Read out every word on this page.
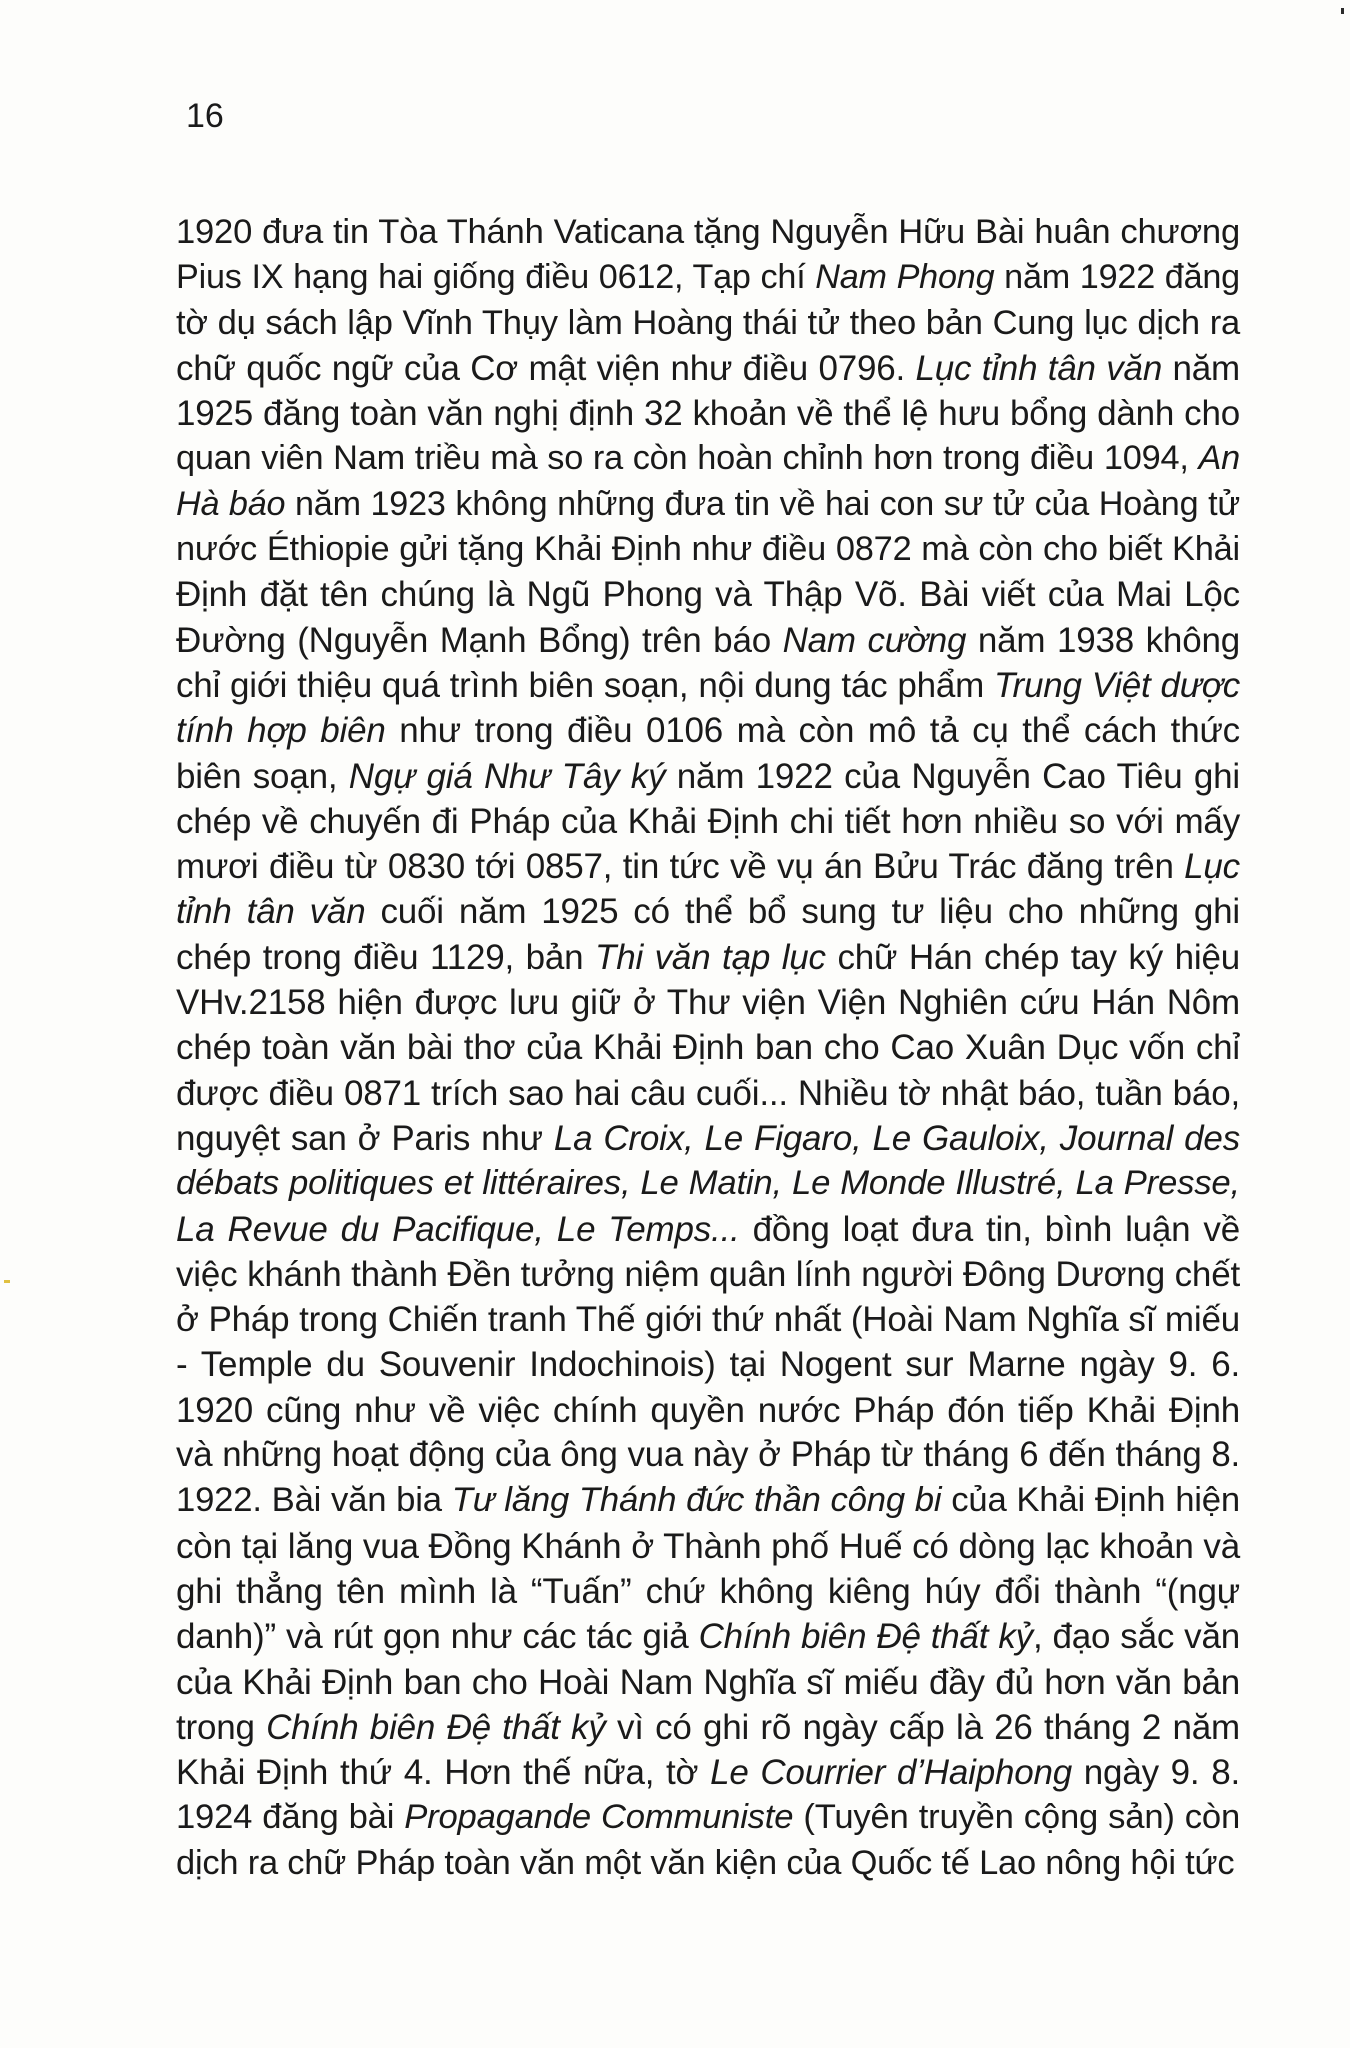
16
1920 đưa tin Tòa Thánh Vaticana tặng Nguyễn Hữu Bài huân chương
Pius IX hạng hai giống điều 0612, Tạp chí Nam Phong năm 1922 đăng
tờ dụ sách lập Vĩnh Thụy làm Hoàng thái tử theo bản Cung lục dịch ra
chữ quốc ngữ của Cơ mật viện như điều 0796. Lục tỉnh tân văn năm
1925 đăng toàn văn nghị định 32 khoản về thể lệ hưu bổng dành cho
quan viên Nam triều mà so ra còn hoàn chỉnh hơn trong điều 1094, An
Hà báo năm 1923 không những đưa tin về hai con sư tử của Hoàng tử
nước Éthiopie gửi tặng Khải Định như điều 0872 mà còn cho biết Khải
Định đặt tên chúng là Ngũ Phong và Thập Võ. Bài viết của Mai Lộc
Đường (Nguyễn Mạnh Bổng) trên báo Nam cường năm 1938 không
chỉ giới thiệu quá trình biên soạn, nội dung tác phẩm Trung Việt dược
tính hợp biên như trong điều 0106 mà còn mô tả cụ thể cách thức
biên soạn, Ngự giá Như Tây ký năm 1922 của Nguyễn Cao Tiêu ghi
chép về chuyến đi Pháp của Khải Định chi tiết hơn nhiều so với mấy
mươi điều từ 0830 tới 0857, tin tức về vụ án Bửu Trác đăng trên Lục
tỉnh tân văn cuối năm 1925 có thể bổ sung tư liệu cho những ghi
chép trong điều 1129, bản Thi văn tạp lục chữ Hán chép tay ký hiệu
VHv.2158 hiện được lưu giữ ở Thư viện Viện Nghiên cứu Hán Nôm
chép toàn văn bài thơ của Khải Định ban cho Cao Xuân Dục vốn chỉ
được điều 0871 trích sao hai câu cuối... Nhiều tờ nhật báo, tuần báo,
nguyệt san ở Paris như La Croix, Le Figaro, Le Gauloix, Journal des
débats politiques et littéraires, Le Matin, Le Monde Illustré, La Presse,
La Revue du Pacifique, Le Temps... đồng loạt đưa tin, bình luận về
việc khánh thành Đền tưởng niệm quân lính người Đông Dương chết
ở Pháp trong Chiến tranh Thế giới thứ nhất (Hoài Nam Nghĩa sĩ miếu
- Temple du Souvenir Indochinois) tại Nogent sur Marne ngày 9. 6.
1920 cũng như về việc chính quyền nước Pháp đón tiếp Khải Định
và những hoạt động của ông vua này ở Pháp từ tháng 6 đến tháng 8.
1922. Bài văn bia Tư lăng Thánh đức thần công bi của Khải Định hiện
còn tại lăng vua Đồng Khánh ở Thành phố Huế có dòng lạc khoản và
ghi thẳng tên mình là “Tuấn” chứ không kiêng húy đổi thành “(ngự
danh)” và rút gọn như các tác giả Chính biên Đệ thất kỷ, đạo sắc văn
của Khải Định ban cho Hoài Nam Nghĩa sĩ miếu đầy đủ hơn văn bản
trong Chính biên Đệ thất kỷ vì có ghi rõ ngày cấp là 26 tháng 2 năm
Khải Định thứ 4. Hơn thế nữa, tờ Le Courrier d’Haiphong ngày 9. 8.
1924 đăng bài Propagande Communiste (Tuyên truyền cộng sản) còn
dịch ra chữ Pháp toàn văn một văn kiện của Quốc tế Lao nông hội tức
